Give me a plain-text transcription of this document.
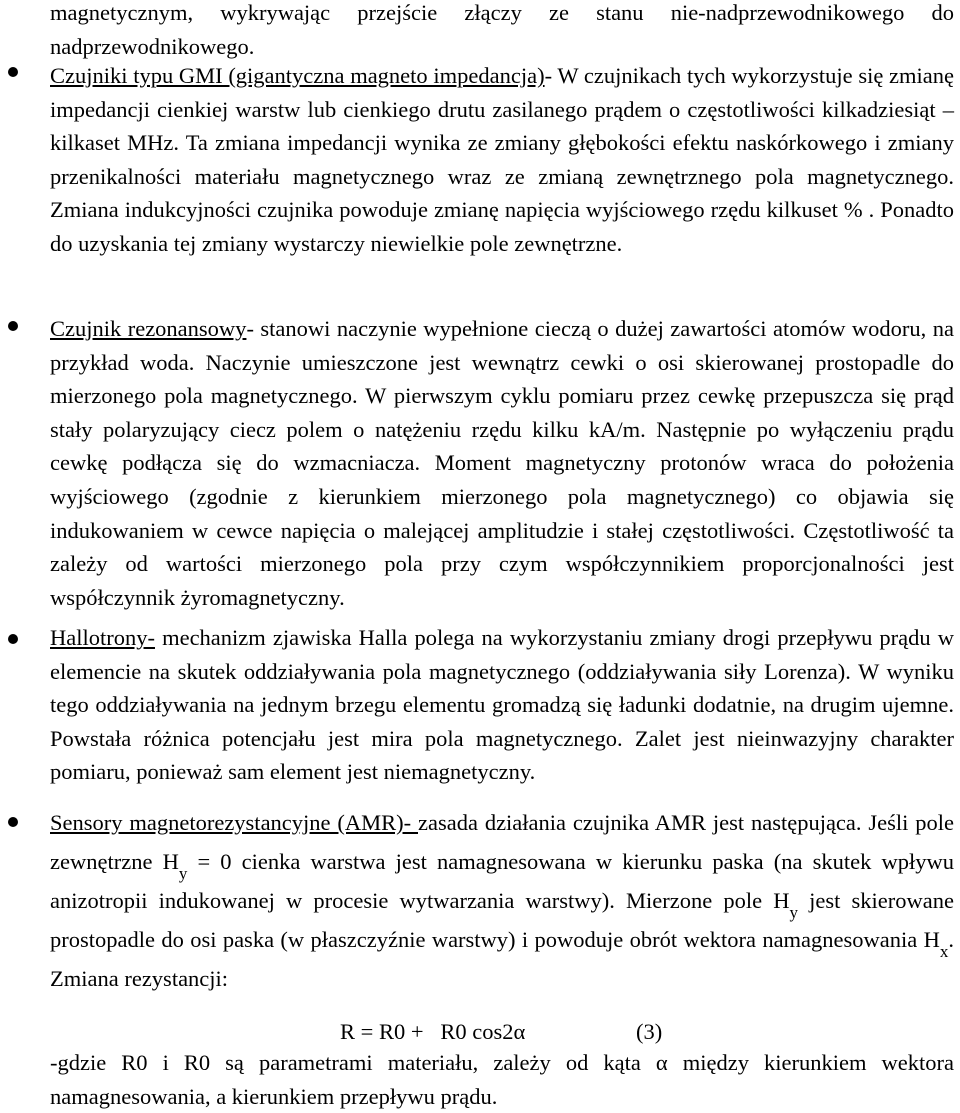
magnetycznym, wykrywając przejście złączy ze stanu nie-nadprzewodnikowego do nadprzewodnikowego.
Czujniki typu GMI (gigantyczna magneto impedancja)- W czujnikach tych wykorzystuje się zmianę impedancji cienkiej warstw lub cienkiego drutu zasilanego prądem o częstotliwości kilkadziesiąt – kilkaset MHz. Ta zmiana impedancji wynika ze zmiany głębokości efektu naskórkowego i zmiany przenikalności materiału magnetycznego wraz ze zmianą zewnętrznego pola magnetycznego. Zmiana indukcyjności czujnika powoduje zmianę napięcia wyjściowego rzędu kilkuset % . Ponadto do uzyskania tej zmiany wystarczy niewielkie pole zewnętrzne.
Czujnik rezonansowy- stanowi naczynie wypełnione cieczą o dużej zawartości atomów wodoru, na przykład woda. Naczynie umieszczone jest wewnątrz cewki o osi skierowanej prostopadle do mierzonego pola magnetycznego. W pierwszym cyklu pomiaru przez cewkę przepuszcza się prąd stały polaryzujący ciecz polem o natężeniu rzędu kilku kA/m. Następnie po wyłączeniu prądu cewkę podłącza się do wzmacniacza. Moment magnetyczny protonów wraca do położenia wyjściowego (zgodnie z kierunkiem mierzonego pola magnetycznego) co objawia się indukowaniem w cewce napięcia o malejącej amplitudzie i stałej częstotliwości. Częstotliwość ta zależy od wartości mierzonego pola przy czym współczynnikiem proporcjonalności jest współczynnik żyromagnetyczny.
Hallotrony- mechanizm zjawiska Halla polega na wykorzystaniu zmiany drogi przepływu prądu w elemencie na skutek oddziaływania pola magnetycznego (oddziaływania siły Lorenza). W wyniku tego oddziaływania na jednym brzegu elementu gromadzą się ładunki dodatnie, na drugim ujemne. Powstała różnica potencjału jest mira pola magnetycznego. Zalet jest nieinwazyjny charakter pomiaru, ponieważ sam element jest niemagnetyczny.
Sensory magnetorezystancyjne (AMR)- zasada działania czujnika AMR jest następująca. Jeśli pole zewnętrzne $H_y = 0$ cienka warstwa jest namagnesowana w kierunku paska (na skutek wpływu anizotropii indukowanej w procesie wytwarzania warstwy). Mierzone pole $H_y$ jest skierowane prostopadle do osi paska (w płaszczyźnie warstwy) i powoduje obrót wektora namagnesowania $H_x$. Zmiana rezystancji:
R = R0 +   R0 cos2α	(3)
-gdzie R0 i R0 są parametrami materiału, zależy od kąta α między kierunkiem wektora namagnesowania, a kierunkiem przepływu prądu.
